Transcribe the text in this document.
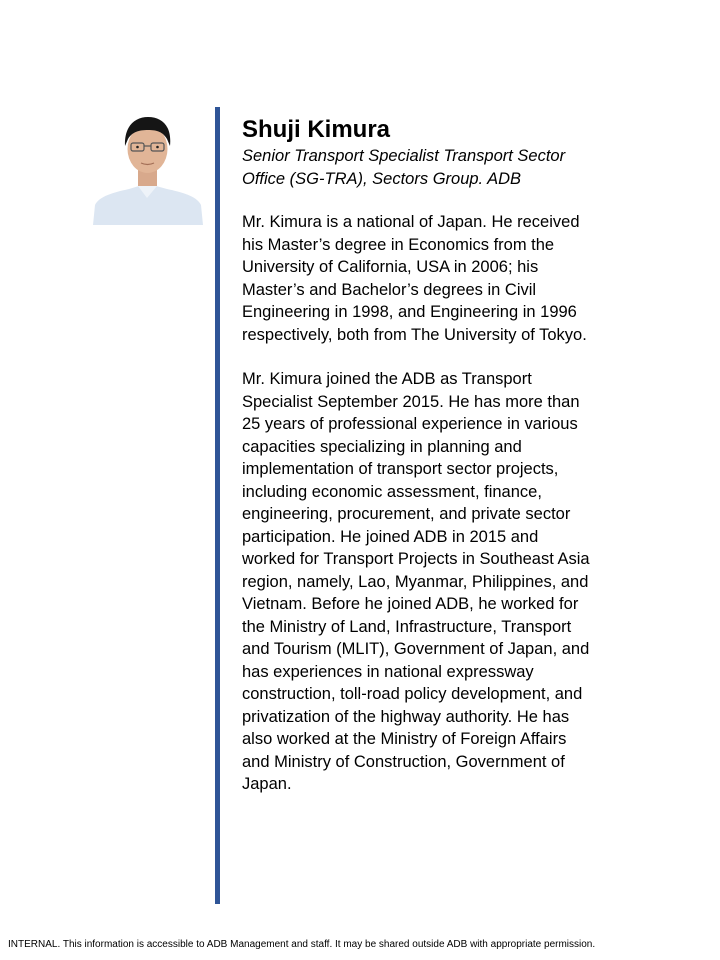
Shuji Kimura

Senior Transport Specialist Transport Sector Office (SG-TRA), Sectors Group. ADB

Mr. Kimura is a national of Japan. He received his Master’s degree in Economics from the University of California, USA in 2006; his Master’s and Bachelor’s degrees in Civil Engineering in 1998, and Engineering in 1996 respectively, both from The University of Tokyo.

Mr. Kimura joined the ADB as Transport Specialist September 2015. He has more than 25 years of professional experience in various capacities specializing in planning and implementation of transport sector projects, including economic assessment, finance, engineering, procurement, and private sector participation. He joined ADB in 2015 and worked for Transport Projects in Southeast Asia region, namely, Lao, Myanmar, Philippines, and Vietnam. Before he joined ADB, he worked for the Ministry of Land, Infrastructure, Transport and Tourism (MLIT), Government of Japan, and has experiences in national expressway construction, toll-road policy development, and privatization of the highway authority. He has also worked at the Ministry of Foreign Affairs and Ministry of Construction, Government of Japan.

INTERNAL. This information is accessible to ADB Management and staff. It may be shared outside ADB with appropriate permission.
